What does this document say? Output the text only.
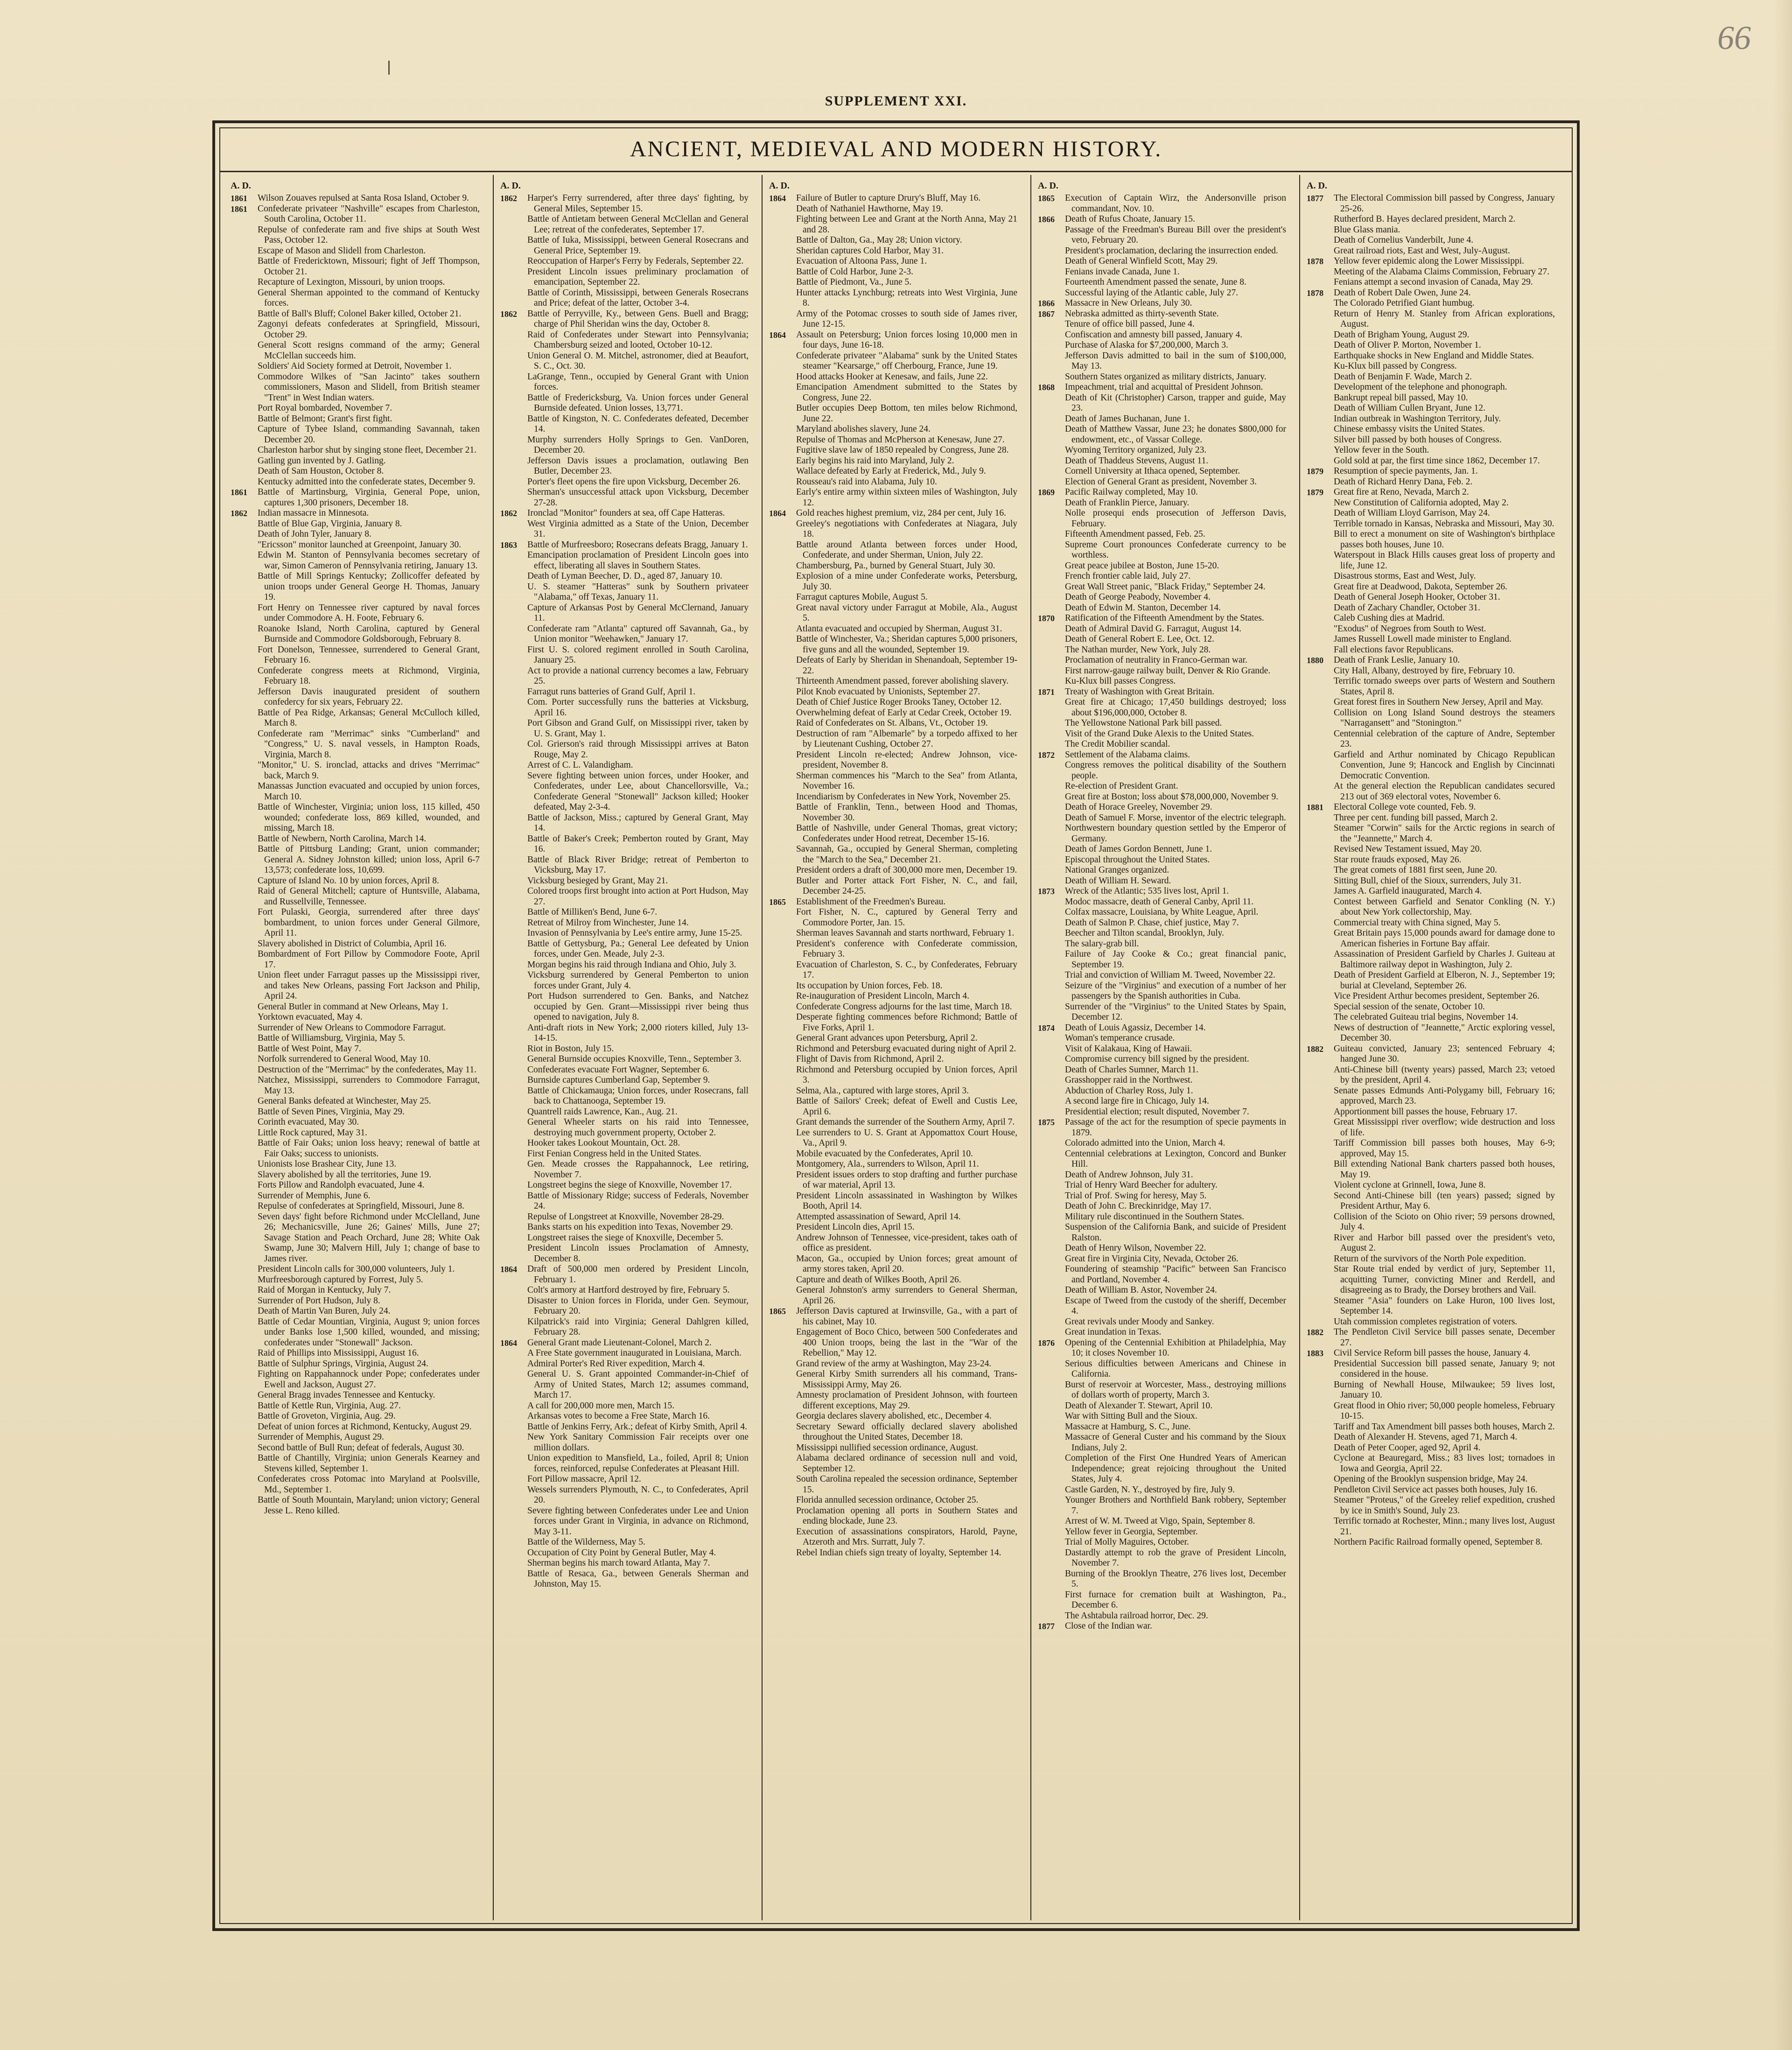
66
SUPPLEMENT XXI.
ANCIENT, MEDIEVAL AND MODERN HISTORY.
A. D.
1861	Wilson Zouaves repulsed at Santa Rosa Island, October 9.
1861	Confederate privateer "Nashville" escapes from Charleston, South Carolina, October 11.
Repulse of confederate ram and five ships at South West Pass, October 12.
Escape of Mason and Slidell from Charleston.
Battle of Fredericktown, Missouri; fight of Jeff Thompson, October 21.
Recapture of Lexington, Missouri, by union troops.
General Sherman appointed to the command of Kentucky forces.
Battle of Ball's Bluff; Colonel Baker killed, October 21.
Zagonyi defeats confederates at Springfield, Missouri, October 29.
General Scott resigns command of the army; General McClellan succeeds him.
Soldiers' Aid Society formed at Detroit, November 1.
Commodore Wilkes of "San Jacinto" takes southern commissioners, Mason and Slidell, from British steamer "Trent" in West Indian waters.
Port Royal bombarded, November 7.
Battle of Belmont; Grant's first fight.
Capture of Tybee Island, commanding Savannah, taken December 20.
Charleston harbor shut by singing stone fleet, December 21.
Gatling gun invented by J. Gatling.
Death of Sam Houston, October 8.
Kentucky admitted into the confederate states, December 9.
1861	Battle of Martinsburg, Virginia, General Pope, union, captures 1,300 prisoners, December 18.
1862	Indian massacre in Minnesota.
Battle of Blue Gap, Virginia, January 8.
Death of John Tyler, January 8.
"Ericsson" monitor launched at Greenpoint, January 30.
Edwin M. Stanton of Pennsylvania becomes secretary of war, Simon Cameron of Pennsylvania retiring, January 13.
Battle of Mill Springs Kentucky; Zollicoffer defeated by union troops under General George H. Thomas, January 19.
Fort Henry on Tennessee river captured by naval forces under Commodore A. H. Foote, February 6.
Roanoke Island, North Carolina, captured by General Burnside and Commodore Goldsborough, February 8.
Fort Donelson, Tennessee, surrendered to General Grant, February 16.
Confederate congress meets at Richmond, Virginia, February 18.
Jefferson Davis inaugurated president of southern confedercy for six years, February 22.
Battle of Pea Ridge, Arkansas; General McCulloch killed, March 8.
Confederate ram "Merrimac" sinks "Cumberland" and "Congress," U. S. naval vessels, in Hampton Roads, Virginia, March 8.
"Monitor," U. S. ironclad, attacks and drives "Merrimac" back, March 9.
Manassas Junction evacuated and occupied by union forces, March 10.
Battle of Winchester, Virginia; union loss, 115 killed, 450 wounded; confederate loss, 869 killed, wounded, and missing, March 18.
Battle of Newbern, North Carolina, March 14.
Battle of Pittsburg Landing; Grant, union commander; General A. Sidney Johnston killed; union loss, April 6-7 13,573; confederate loss, 10,699.
Capture of Island No. 10 by union forces, April 8.
Raid of General Mitchell; capture of Huntsville, Alabama, and Russellville, Tennessee.
Fort Pulaski, Georgia, surrendered after three days' bombardment, to union forces under General Gilmore, April 11.
Slavery abolished in District of Columbia, April 16.
Bombardment of Fort Pillow by Commodore Foote, April 17.
Union fleet under Farragut passes up the Mississippi river, and takes New Orleans, passing Fort Jackson and Philip, April 24.
General Butler in command at New Orleans, May 1.
Yorktown evacuated, May 4.
Surrender of New Orleans to Commodore Farragut.
Battle of Williamsburg, Virginia, May 5.
Battle of West Point, May 7.
Norfolk surrendered to General Wood, May 10.
Destruction of the "Merrimac" by the confederates, May 11.
Natchez, Mississippi, surrenders to Commodore Farragut, May 13.
General Banks defeated at Winchester, May 25.
Battle of Seven Pines, Virginia, May 29.
Corinth evacuated, May 30.
Little Rock captured, May 31.
Battle of Fair Oaks; union loss heavy; renewal of battle at Fair Oaks; success to unionists.
Unionists lose Brashear City, June 13.
Slavery abolished by all the territories, June 19.
Forts Pillow and Randolph evacuated, June 4.
Surrender of Memphis, June 6.
Repulse of confederates at Springfield, Missouri, June 8.
Seven days' fight before Richmond under McClelland, June 26; Mechanicsville, June 26; Gaines' Mills, June 27; Savage Station and Peach Orchard, June 28; White Oak Swamp, June 30; Malvern Hill, July 1; change of base to James river.
President Lincoln calls for 300,000 volunteers, July 1.
Murfreesborough captured by Forrest, July 5.
Raid of Morgan in Kentucky, July 7.
Surrender of Port Hudson, July 8.
Death of Martin Van Buren, July 24.
Battle of Cedar Mountian, Virginia, August 9; union forces under Banks lose 1,500 killed, wounded, and missing; confederates under "Stonewall" Jackson.
Raid of Phillips into Mississippi, August 16.
Battle of Sulphur Springs, Virginia, August 24.
Fighting on Rappahannock under Pope; confederates under Ewell and Jackson, August 27.
General Bragg invades Tennessee and Kentucky.
Battle of Kettle Run, Virginia, Aug. 27.
Battle of Groveton, Virginia, Aug. 29.
Defeat of union forces at Richmond, Kentucky, August 29.
Surrender of Memphis, August 29.
Second battle of Bull Run; defeat of federals, August 30.
Battle of Chantilly, Virginia; union Generals Kearney and Stevens killed, September 1.
Confederates cross Potomac into Maryland at Poolsville, Md., September 1.
Battle of South Mountain, Maryland; union victory; General Jesse L. Reno killed.
A. D.
1862	Harper's Ferry surrendered, after three days' fighting, by General Miles, September 15.
Battle of Antietam between General McClellan and General Lee; retreat of the confederates, September 17.
Battle of Iuka, Mississippi, between General Rosecrans and General Price, September 19.
Reoccupation of Harper's Ferry by Federals, September 22.
President Lincoln issues preliminary proclamation of emancipation, September 22.
Battle of Corinth, Mississippi, between Generals Rosecrans and Price; defeat of the latter, October 3-4.
1862	Battle of Perryville, Ky., between Gens. Buell and Bragg; charge of Phil Sheridan wins the day, October 8.
Raid of Confederates under Stewart into Pennsylvania; Chambersburg seized and looted, October 10-12.
Union General O. M. Mitchel, astronomer, died at Beaufort, S. C., Oct. 30.
LaGrange, Tenn., occupied by General Grant with Union forces.
Battle of Fredericksburg, Va. Union forces under General Burnside defeated. Union losses, 13,771.
Battle of Kingston, N. C. Confederates defeated, December 14.
Murphy surrenders Holly Springs to Gen. VanDoren, December 20.
Jefferson Davis issues a proclamation, outlawing Ben Butler, December 23.
Porter's fleet opens the fire upon Vicksburg, December 26.
Sherman's unsuccessful attack upon Vicksburg, December 27-28.
1862	Ironclad "Monitor" founders at sea, off Cape Hatteras.
West Virginia admitted as a State of the Union, December 31.
1863	Battle of Murfreesboro; Rosecrans defeats Bragg, January 1.
Emancipation proclamation of President Lincoln goes into effect, liberating all slaves in Southern States.
Death of Lyman Beecher, D. D., aged 87, January 10.
U. S. steamer "Hatteras" sunk by Southern privateer "Alabama," off Texas, January 11.
Capture of Arkansas Post by General McClernand, January 11.
Confederate ram "Atlanta" captured off Savannah, Ga., by Union monitor "Weehawken," January 17.
First U. S. colored regiment enrolled in South Carolina, January 25.
Act to provide a national currency becomes a law, February 25.
Farragut runs batteries of Grand Gulf, April 1.
Com. Porter successfully runs the batteries at Vicksburg, April 16.
Port Gibson and Grand Gulf, on Mississippi river, taken by U. S. Grant, May 1.
Col. Grierson's raid through Mississippi arrives at Baton Rouge, May 2.
Arrest of C. L. Valandigham.
Severe fighting between union forces, under Hooker, and Confederates, under Lee, about Chancellorsville, Va.; Confederate General "Stonewall" Jackson killed; Hooker defeated, May 2-3-4.
Battle of Jackson, Miss.; captured by General Grant, May 14.
Battle of Baker's Creek; Pemberton routed by Grant, May 16.
Battle of Black River Bridge; retreat of Pemberton to Vicksburg, May 17.
Vicksburg besieged by Grant, May 21.
Colored troops first brought into action at Port Hudson, May 27.
Battle of Milliken's Bend, June 6-7.
Retreat of Milroy from Winchester, June 14.
Invasion of Pennsylvania by Lee's entire army, June 15-25.
Battle of Gettysburg, Pa.; General Lee defeated by Union forces, under Gen. Meade, July 2-3.
Morgan begins his raid through Indiana and Ohio, July 3.
Vicksburg surrendered by General Pemberton to union forces under Grant, July 4.
Port Hudson surrendered to Gen. Banks, and Natchez occupied by Gen. Grant—Mississippi river being thus opened to navigation, July 8.
Anti-draft riots in New York; 2,000 rioters killed, July 13-14-15.
Riot in Boston, July 15.
General Burnside occupies Knoxville, Tenn., September 3.
Confederates evacuate Fort Wagner, September 6.
Burnside captures Cumberland Gap, September 9.
Battle of Chickamauga; Union forces, under Rosecrans, fall back to Chattanooga, September 19.
Quantrell raids Lawrence, Kan., Aug. 21.
General Wheeler starts on his raid into Tennessee, destroying much government property, October 2.
Hooker takes Lookout Mountain, Oct. 28.
First Fenian Congress held in the United States.
Gen. Meade crosses the Rappahannock, Lee retiring, November 7.
Longstreet begins the siege of Knoxville, November 17.
Battle of Missionary Ridge; success of Federals, November 24.
Repulse of Longstreet at Knoxville, November 28-29.
Banks starts on his expedition into Texas, November 29.
Longstreet raises the siege of Knoxville, December 5.
President Lincoln issues Proclamation of Amnesty, December 8.
1864	Draft of 500,000 men ordered by President Lincoln, February 1.
Colt's armory at Hartford destroyed by fire, February 5.
Disaster to Union forces in Florida, under Gen. Seymour, February 20.
Kilpatrick's raid into Virginia; General Dahlgren killed, February 28.
1864	General Grant made Lieutenant-Colonel, March 2.
A Free State government inaugurated in Louisiana, March.
Admiral Porter's Red River expedition, March 4.
General U. S. Grant appointed Commander-in-Chief of Army of United States, March 12; assumes command, March 17.
A call for 200,000 more men, March 15.
Arkansas votes to become a Free State, March 16.
Battle of Jenkins Ferry, Ark.; defeat of Kirby Smith, April 4.
New York Sanitary Commission Fair receipts over one million dollars.
Union expedition to Mansfield, La., foiled, April 8; Union forces, reinforced, repulse Confederates at Pleasant Hill.
Fort Pillow massacre, April 12.
Wessels surrenders Plymouth, N. C., to Confederates, April 20.
Severe fighting between Confederates under Lee and Union forces under Grant in Virginia, in advance on Richmond, May 3-11.
Battle of the Wilderness, May 5.
Occupation of City Point by General Butler, May 4.
Sherman begins his march toward Atlanta, May 7.
Battle of Resaca, Ga., between Generals Sherman and Johnston, May 15.
A. D.
1864	Failure of Butler to capture Drury's Bluff, May 16.
Death of Nathaniel Hawthorne, May 19.
Fighting between Lee and Grant at the North Anna, May 21 and 28.
Battle of Dalton, Ga., May 28; Union victory.
Sheridan captures Cold Harbor, May 31.
Evacuation of Altoona Pass, June 1.
Battle of Cold Harbor, June 2-3.
Battle of Piedmont, Va., June 5.
Hunter attacks Lynchburg; retreats into West Virginia, June 8.
Army of the Potomac crosses to south side of James river, June 12-15.
1864	Assault on Petersburg; Union forces losing 10,000 men in four days, June 16-18.
Confederate privateer "Alabama" sunk by the United States steamer "Kearsarge," off Cherbourg, France, June 19.
Hood attacks Hooker at Kenesaw, and fails, June 22.
Emancipation Amendment submitted to the States by Congress, June 22.
Butler occupies Deep Bottom, ten miles below Richmond, June 22.
Maryland abolishes slavery, June 24.
Repulse of Thomas and McPherson at Kenesaw, June 27.
Fugitive slave law of 1850 repealed by Congress, June 28.
Early begins his raid into Maryland, July 2.
Wallace defeated by Early at Frederick, Md., July 9.
Rousseau's raid into Alabama, July 10.
Early's entire army within sixteen miles of Washington, July 12.
1864	Gold reaches highest premium, viz, 284 per cent, July 16.
Greeley's negotiations with Confederates at Niagara, July 18.
Battle around Atlanta between forces under Hood, Confederate, and under Sherman, Union, July 22.
Chambersburg, Pa., burned by General Stuart, July 30.
Explosion of a mine under Confederate works, Petersburg, July 30.
Farragut captures Mobile, August 5.
Great naval victory under Farragut at Mobile, Ala., August 5.
Atlanta evacuated and occupied by Sherman, August 31.
Battle of Winchester, Va.; Sheridan captures 5,000 prisoners, five guns and all the wounded, September 19.
Defeats of Early by Sheridan in Shenandoah, September 19-22.
Thirteenth Amendment passed, forever abolishing slavery.
Pilot Knob evacuated by Unionists, September 27.
Death of Chief Justice Roger Brooks Taney, October 12.
Overwhelming defeat of Early at Cedar Creek, October 19.
Raid of Confederates on St. Albans, Vt., October 19.
Destruction of ram "Albemarle" by a torpedo affixed to her by Lieutenant Cushing, October 27.
President Lincoln re-elected; Andrew Johnson, vice-president, November 8.
Sherman commences his "March to the Sea" from Atlanta, November 16.
Incendiarism by Confederates in New York, November 25.
Battle of Franklin, Tenn., between Hood and Thomas, November 30.
Battle of Nashville, under General Thomas, great victory; Confederates under Hood retreat, December 15-16.
Savannah, Ga., occupied by General Sherman, completing the "March to the Sea," December 21.
President orders a draft of 300,000 more men, December 19.
Butler and Porter attack Fort Fisher, N. C., and fail, December 24-25.
1865	Establishment of the Freedmen's Bureau.
Fort Fisher, N. C., captured by General Terry and Commodore Porter, Jan. 15.
Sherman leaves Savannah and starts northward, February 1.
President's conference with Confederate commission, February 3.
Evacuation of Charleston, S. C., by Confederates, February 17.
Its occupation by Union forces, Feb. 18.
Re-inauguration of President Lincoln, March 4.
Confederate Congress adjourns for the last time, March 18.
Desperate fighting commences before Richmond; Battle of Five Forks, April 1.
General Grant advances upon Petersburg, April 2.
Richmond and Petersburg evacuated during night of April 2.
Flight of Davis from Richmond, April 2.
Richmond and Petersburg occupied by Union forces, April 3.
Selma, Ala., captured with large stores, April 3.
Battle of Sailors' Creek; defeat of Ewell and Custis Lee, April 6.
Grant demands the surrender of the Southern Army, April 7.
Lee surrenders to U. S. Grant at Appomattox Court House, Va., April 9.
Mobile evacuated by the Confederates, April 10.
Montgomery, Ala., surrenders to Wilson, April 11.
President issues orders to stop drafting and further purchase of war material, April 13.
President Lincoln assassinated in Washington by Wilkes Booth, April 14.
Attempted assassination of Seward, April 14.
President Lincoln dies, April 15.
Andrew Johnson of Tennessee, vice-president, takes oath of office as president.
Macon, Ga., occupied by Union forces; great amount of army stores taken, April 20.
Capture and death of Wilkes Booth, April 26.
General Johnston's army surrenders to General Sherman, April 26.
1865	Jefferson Davis captured at Irwinsville, Ga., with a part of his cabinet, May 10.
Engagement of Boco Chico, between 500 Confederates and 400 Union troops, being the last in the "War of the Rebellion," May 12.
Grand review of the army at Washington, May 23-24.
General Kirby Smith surrenders all his command, Trans-Mississippi Army, May 26.
Amnesty proclamation of President Johnson, with fourteen different exceptions, May 29.
Georgia declares slavery abolished, etc., December 4.
Secretary Seward officially declared slavery abolished throughout the United States, December 18.
Mississippi nullified secession ordinance, August.
Alabama declared ordinance of secession null and void, September 12.
South Carolina repealed the secession ordinance, September 15.
Florida annulled secession ordinance, October 25.
Proclamation opening all ports in Southern States and ending blockade, June 23.
Execution of assassinations conspirators, Harold, Payne, Atzeroth and Mrs. Surratt, July 7.
Rebel Indian chiefs sign treaty of loyalty, September 14.
A. D.
1865	Execution of Captain Wirz, the Andersonville prison commandant, Nov. 10.
1866	Death of Rufus Choate, January 15.
Passage of the Freedman's Bureau Bill over the president's veto, February 20.
President's proclamation, declaring the insurrection ended.
Death of General Winfield Scott, May 29.
Fenians invade Canada, June 1.
Fourteenth Amendment passed the senate, June 8.
Successful laying of the Atlantic cable, July 27.
1866	Massacre in New Orleans, July 30.
1867	Nebraska admitted as thirty-seventh State.
Tenure of office bill passed, June 4.
Confiscation and amnesty bill passed, January 4.
Purchase of Alaska for $7,200,000, March 3.
Jefferson Davis admitted to bail in the sum of $100,000, May 13.
Southern States organized as military districts, January.
1868	Impeachment, trial and acquittal of President Johnson.
Death of Kit (Christopher) Carson, trapper and guide, May 23.
Death of James Buchanan, June 1.
Death of Matthew Vassar, June 23; he donates $800,000 for endowment, etc., of Vassar College.
Wyoming Territory organized, July 23.
Death of Thaddeus Stevens, August 11.
Cornell University at Ithaca opened, September.
Election of General Grant as president, November 3.
1869	Pacific Railway completed, May 10.
Death of Franklin Pierce, January.
Nolle prosequi ends prosecution of Jefferson Davis, February.
Fifteenth Amendment passed, Feb. 25.
Supreme Court pronounces Confederate currency to be worthless.
Great peace jubilee at Boston, June 15-20.
French frontier cable laid, July 27.
Great Wall Street panic, "Black Friday," September 24.
Death of George Peabody, November 4.
Death of Edwin M. Stanton, December 14.
1870	Ratification of the Fifteenth Amendment by the States.
Death of Admiral David G. Farragut, August 14.
Death of General Robert E. Lee, Oct. 12.
The Nathan murder, New York, July 28.
Proclamation of neutrality in Franco-German war.
First narrow-gauge railway built, Denver & Rio Grande.
Ku-Klux bill passes Congress.
1871	Treaty of Washington with Great Britain.
Great fire at Chicago; 17,450 buildings destroyed; loss about $196,000,000, October 8.
The Yellowstone National Park bill passed.
Visit of the Grand Duke Alexis to the United States.
The Credit Mobilier scandal.
1872	Settlement of the Alabama claims.
Congress removes the political disability of the Southern people.
Re-election of President Grant.
Great fire at Boston; loss about $78,000,000, November 9.
Death of Horace Greeley, November 29.
Death of Samuel F. Morse, inventor of the electric telegraph.
Northwestern boundary question settled by the Emperor of Germany.
Death of James Gordon Bennett, June 1.
Episcopal throughout the United States.
National Granges organized.
Death of William H. Seward.
1873	Wreck of the Atlantic; 535 lives lost, April 1.
Modoc massacre, death of General Canby, April 11.
Colfax massacre, Louisiana, by White League, April.
Death of Salmon P. Chase, chief justice, May 7.
Beecher and Tilton scandal, Brooklyn, July.
The salary-grab bill.
Failure of Jay Cooke & Co.; great financial panic, September 19.
Trial and conviction of William M. Tweed, November 22.
Seizure of the "Virginius" and execution of a number of her passengers by the Spanish authorities in Cuba.
Surrender of the "Virginius" to the United States by Spain, December 12.
1874	Death of Louis Agassiz, December 14.
Woman's temperance crusade.
Visit of Kalakaua, King of Hawaii.
Compromise currency bill signed by the president.
Death of Charles Sumner, March 11.
Grasshopper raid in the Northwest.
Abduction of Charley Ross, July 1.
A second large fire in Chicago, July 14.
Presidential election; result disputed, November 7.
1875	Passage of the act for the resumption of specie payments in 1879.
Colorado admitted into the Union, March 4.
Centennial celebrations at Lexington, Concord and Bunker Hill.
Death of Andrew Johnson, July 31.
Trial of Henry Ward Beecher for adultery.
Trial of Prof. Swing for heresy, May 5.
Death of John C. Breckinridge, May 17.
Military rule discontinued in the Southern States.
Suspension of the California Bank, and suicide of President Ralston.
Death of Henry Wilson, November 22.
Great fire in Virginia City, Nevada, October 26.
Foundering of steamship "Pacific" between San Francisco and Portland, November 4.
Death of William B. Astor, November 24.
Escape of Tweed from the custody of the sheriff, December 4.
Great revivals under Moody and Sankey.
Great inundation in Texas.
1876	Opening of the Centennial Exhibition at Philadelphia, May 10; it closes November 10.
Serious difficulties between Americans and Chinese in California.
Burst of reservoir at Worcester, Mass., destroying millions of dollars worth of property, March 3.
Death of Alexander T. Stewart, April 10.
War with Sitting Bull and the Sioux.
Massacre at Hamburg, S. C., June.
Massacre of General Custer and his command by the Sioux Indians, July 2.
Completion of the First One Hundred Years of American Independence; great rejoicing throughout the United States, July 4.
Castle Garden, N. Y., destroyed by fire, July 9.
Younger Brothers and Northfield Bank robbery, September 7.
Arrest of W. M. Tweed at Vigo, Spain, September 8.
Yellow fever in Georgia, September.
Trial of Molly Maguires, October.
Dastardly attempt to rob the grave of President Lincoln, November 7.
Burning of the Brooklyn Theatre, 276 lives lost, December 5.
First furnace for cremation built at Washington, Pa., December 6.
The Ashtabula railroad horror, Dec. 29.
1877	Close of the Indian war.
A. D.
1877	The Electoral Commission bill passed by Congress, January 25-26.
Rutherford B. Hayes declared president, March 2.
Blue Glass mania.
Death of Cornelius Vanderbilt, June 4.
Great railroad riots, East and West, July-August.
1878	Yellow fever epidemic along the Lower Mississippi.
Meeting of the Alabama Claims Commission, February 27.
Fenians attempt a second invasion of Canada, May 29.
1878	Death of Robert Dale Owen, June 24.
The Colorado Petrified Giant humbug.
Return of Henry M. Stanley from African explorations, August.
Death of Brigham Young, August 29.
Death of Oliver P. Morton, November 1.
Earthquake shocks in New England and Middle States.
Ku-Klux bill passed by Congress.
Death of Benjamin F. Wade, March 2.
Development of the telephone and phonograph.
Bankrupt repeal bill passed, May 10.
Death of William Cullen Bryant, June 12.
Indian outbreak in Washington Territory, July.
Chinese embassy visits the United States.
Silver bill passed by both houses of Congress.
Yellow fever in the South.
Gold sold at par, the first time since 1862, December 17.
1879	Resumption of specie payments, Jan. 1.
Death of Richard Henry Dana, Feb. 2.
1879	Great fire at Reno, Nevada, March 2.
New Constitution of California adopted, May 2.
Death of William Lloyd Garrison, May 24.
Terrible tornado in Kansas, Nebraska and Missouri, May 30.
Bill to erect a monument on site of Washington's birthplace passes both houses, June 10.
Waterspout in Black Hills causes great loss of property and life, June 12.
Disastrous storms, East and West, July.
Great fire at Deadwood, Dakota, September 26.
Death of General Joseph Hooker, October 31.
Death of Zachary Chandler, October 31.
Caleb Cushing dies at Madrid.
"Exodus" of Negroes from South to West.
James Russell Lowell made minister to England.
Fall elections favor Republicans.
1880	Death of Frank Leslie, January 10.
City Hall, Albany, destroyed by fire, February 10.
Terrific tornado sweeps over parts of Western and Southern States, April 8.
Great forest fires in Southern New Jersey, April and May.
Collision on Long Island Sound destroys the steamers "Narragansett" and "Stonington."
Centennial celebration of the capture of Andre, September 23.
Garfield and Arthur nominated by Chicago Republican Convention, June 9; Hancock and English by Cincinnati Democratic Convention.
At the general election the Republican candidates secured 213 out of 369 electoral votes, November 6.
1881	Electoral College vote counted, Feb. 9.
Three per cent. funding bill passed, March 2.
Steamer "Corwin" sails for the Arctic regions in search of the "Jeannette," March 4.
Revised New Testament issued, May 20.
Star route frauds exposed, May 26.
The great comets of 1881 first seen, June 20.
Sitting Bull, chief of the Sioux, surrenders, July 31.
James A. Garfield inaugurated, March 4.
Contest between Garfield and Senator Conkling (N. Y.) about New York collectorship, May.
Commercial treaty with China signed, May 5.
Great Britain pays 15,000 pounds award for damage done to American fisheries in Fortune Bay affair.
Assassination of President Garfield by Charles J. Guiteau at Baltimore railway depot in Washington, July 2.
Death of President Garfield at Elberon, N. J., September 19; burial at Cleveland, September 26.
Vice President Arthur becomes president, September 26.
Special session of the senate, October 10.
The celebrated Guiteau trial begins, November 14.
News of destruction of "Jeannette," Arctic exploring vessel, December 30.
1882	Guiteau convicted, January 23; sentenced February 4; hanged June 30.
Anti-Chinese bill (twenty years) passed, March 23; vetoed by the president, April 4.
Senate passes Edmunds Anti-Polygamy bill, February 16; approved, March 23.
Apportionment bill passes the house, February 17.
Great Mississippi river overflow; wide destruction and loss of life.
Tariff Commission bill passes both houses, May 6-9; approved, May 15.
Bill extending National Bank charters passed both houses, May 19.
Violent cyclone at Grinnell, Iowa, June 8.
Second Anti-Chinese bill (ten years) passed; signed by President Arthur, May 6.
Collision of the Scioto on Ohio river; 59 persons drowned, July 4.
River and Harbor bill passed over the president's veto, August 2.
Return of the survivors of the North Pole expedition.
Star Route trial ended by verdict of jury, September 11, acquitting Turner, convicting Miner and Rerdell, and disagreeing as to Brady, the Dorsey brothers and Vail.
Steamer "Asia" founders on Lake Huron, 100 lives lost, September 14.
Utah commission completes registration of voters.
1882	The Pendleton Civil Service bill passes senate, December 27.
1883	Civil Service Reform bill passes the house, January 4.
Presidential Succession bill passed senate, January 9; not considered in the house.
Burning of Newhall House, Milwaukee; 59 lives lost, January 10.
Great flood in Ohio river; 50,000 people homeless, February 10-15.
Tariff and Tax Amendment bill passes both houses, March 2.
Death of Alexander H. Stevens, aged 71, March 4.
Death of Peter Cooper, aged 92, April 4.
Cyclone at Beauregard, Miss.; 83 lives lost; tornadoes in Iowa and Georgia, April 22.
Opening of the Brooklyn suspension bridge, May 24.
Pendleton Civil Service act passes both houses, July 16.
Steamer "Proteus," of the Greeley relief expedition, crushed by ice in Smith's Sound, July 23.
Terrific tornado at Rochester, Minn.; many lives lost, August 21.
Northern Pacific Railroad formally opened, September 8.
